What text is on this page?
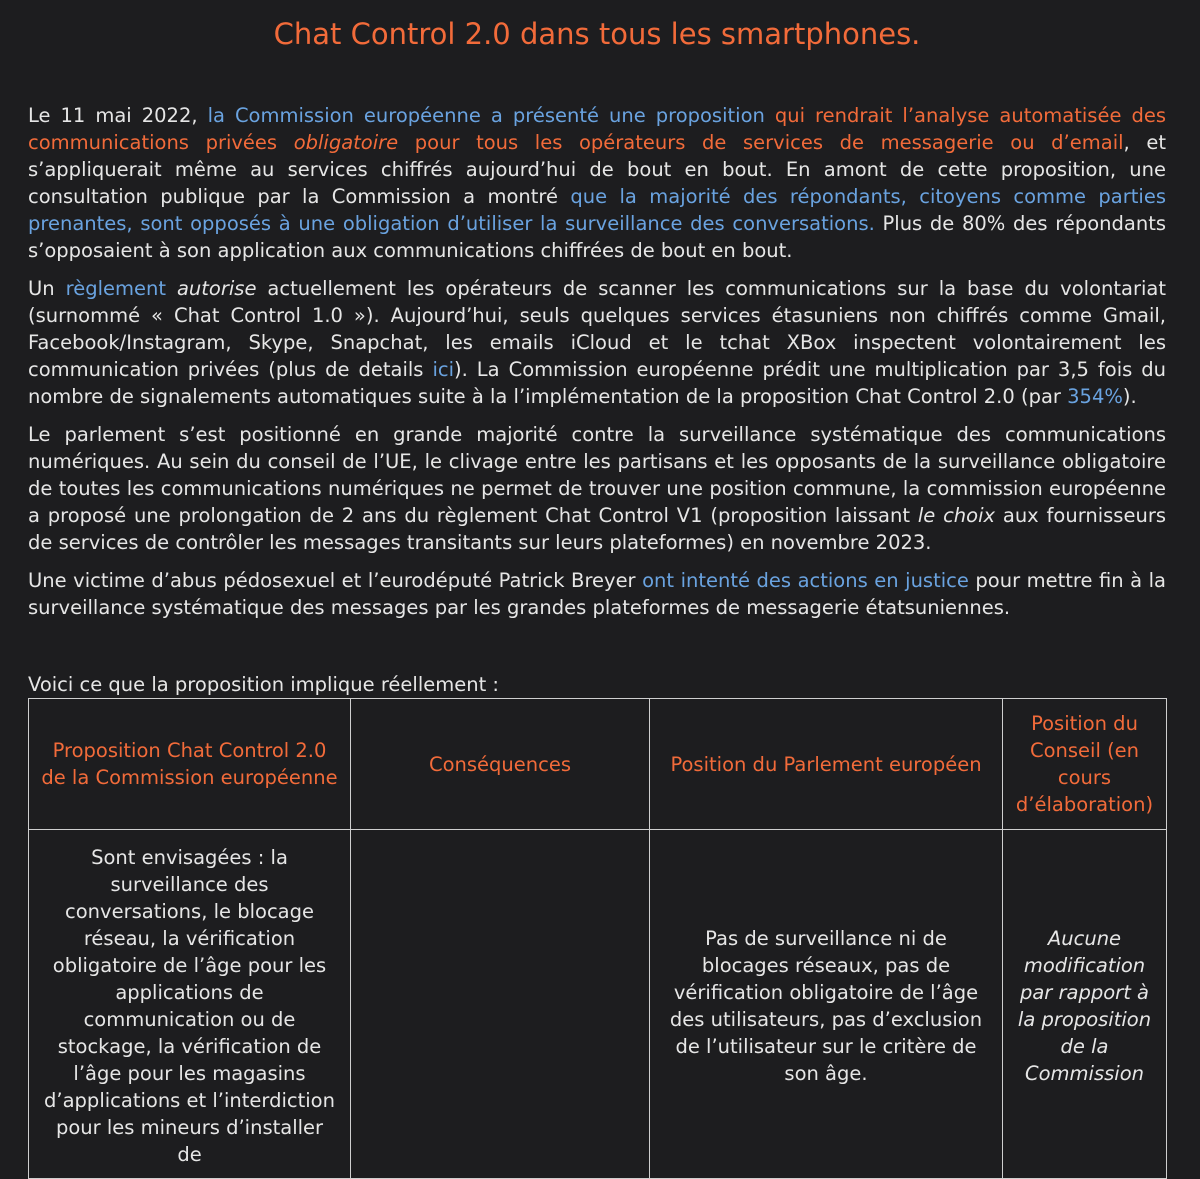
Chat Control 2.0 dans tous les smartphones.

Le 11 mai 2022, la Commission européenne a présenté une proposition qui rendrait l’analyse automatisée des communications privées obligatoire pour tous les opérateurs de services de messagerie ou d’email, et s’appliquerait même au services chiffrés aujourd’hui de bout en bout. En amont de cette proposition, une consultation publique par la Commission a montré que la majorité des répondants, citoyens comme parties prenantes, sont opposés à une obligation d’utiliser la surveillance des conversations. Plus de 80% des répondants s’opposaient à son application aux communications chiffrées de bout en bout.

Un règlement autorise actuellement les opérateurs de scanner les communications sur la base du volontariat (surnommé « Chat Control 1.0 »). Aujourd’hui, seuls quelques services étasuniens non chiffrés comme Gmail, Facebook/Instagram, Skype, Snapchat, les emails iCloud et le tchat XBox inspectent volontairement les communication privées (plus de details ici). La Commission européenne prédit une multiplication par 3,5 fois du nombre de signalements automatiques suite à la l’implémentation de la proposition Chat Control 2.0 (par 354%).

Le parlement s’est positionné en grande majorité contre la surveillance systématique des communications numériques. Au sein du conseil de l’UE, le clivage entre les partisans et les opposants de la surveillance obligatoire de toutes les communications numériques ne permet de trouver une position commune, la commission européenne a proposé une prolongation de 2 ans du règlement Chat Control V1 (proposition laissant le choix aux fournisseurs de services de contrôler les messages transitants sur leurs plateformes) en novembre 2023.

Une victime d’abus pédosexuel et l’eurodéputé Patrick Breyer ont intenté des actions en justice pour mettre fin à la surveillance systématique des messages par les grandes plateformes de messagerie étatsuniennes.

Voici ce que la proposition implique réellement :
Proposition Chat Control 2.0 de la Commission européenne	Conséquences	Position du Parlement européen	Position du Conseil (en cours d’élaboration)
Sont envisagées : la surveillance des conversations, le blocage réseau, la vérification obligatoire de l’âge pour les applications de communication ou de stockage, la vérification de l’âge pour les magasins d’applications et l’interdiction pour les mineurs d’installer de		Pas de surveillance ni de blocages réseaux, pas de vérification obligatoire de l’âge des utilisateurs, pas d’exclusion de l’utilisateur sur le critère de son âge.	Aucune modification par rapport à la proposition de la Commission
